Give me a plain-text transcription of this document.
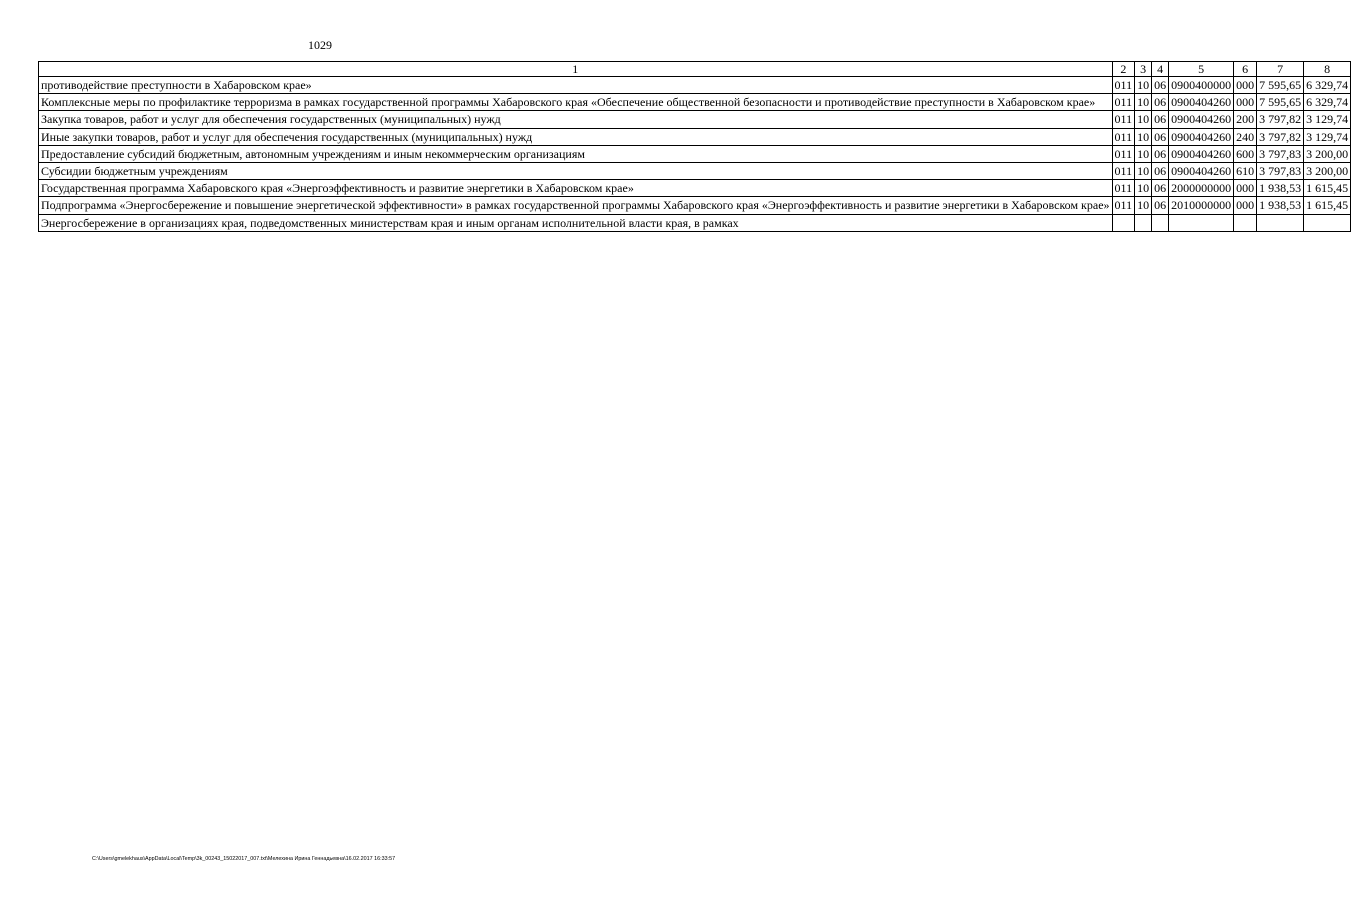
1029
1	2	3	4	5	6	7	8
противодействие преступности в Хабаровском крае»	011	10	06	0900400000	000	7 595,65	6 329,74
Комплексные меры по профилактике терроризма в рамках государственной программы Хабаровского края «Обеспечение общественной безопасности и противодействие преступности в Хабаровском крае»	011	10	06	0900404260	000	7 595,65	6 329,74
Закупка товаров, работ и услуг для обеспечения государственных (муниципальных) нужд	011	10	06	0900404260	200	3 797,82	3 129,74
Иные закупки товаров, работ и услуг для обеспечения государственных (муниципальных) нужд	011	10	06	0900404260	240	3 797,82	3 129,74
Предоставление субсидий бюджетным, автономным учреждениям и иным некоммерческим организациям	011	10	06	0900404260	600	3 797,83	3 200,00
Субсидии бюджетным учреждениям	011	10	06	0900404260	610	3 797,83	3 200,00
Государственная программа Хабаровского края «Энергоэффективность и развитие энергетики в Хабаровском крае»	011	10	06	2000000000	000	1 938,53	1 615,45
Подпрограмма «Энергосбережение и повышение энергетической эффективности» в рамках государственной программы Хабаровского края «Энергоэффективность и развитие энергетики в Хабаровском крае»	011	10	06	2010000000	000	1 938,53	1 615,45
Энергосбережение в организациях края, подведомственных министерствам края и иным органам исполнительной власти края, в рамках							
C:\Users\gmelekhaus\AppData\Local\Temp\3k_00243_15022017_007.txt\Мелехина Ирина Геннадьевна\16.02.2017 16:33:57
